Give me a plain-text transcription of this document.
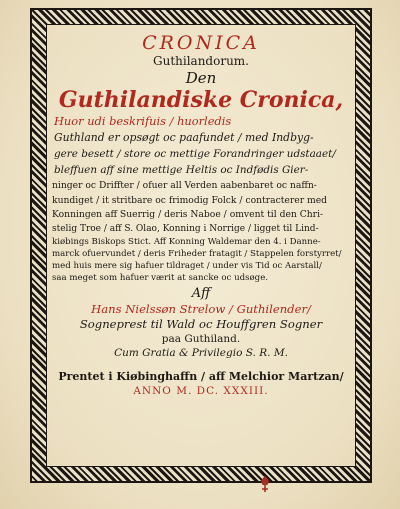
CRONICA

Guthilandorum.

Den

Guthilandiske Cronica,

Huor udi beskrifuis / huorledis

Guthland er opsøgt oc paafundet / med Indbyg-

gere besett / store oc mettige Forandringer udstaaet/

bleffuen aff sine mettige Heltis oc Indfødis Gier-

ninger oc Driffter / ofuer all Verden aabenbaret oc naffn-

kundiget / it stritbare oc frimodig Folck / contracterer med

Konningen aff Suerrig / deris Naboe / omvent til den Chri-

stelig Troe / aff S. Olao, Konning i Norrige / ligget til Lind-

kiøbings Biskops Stict. Aff Konning Waldemar den 4. i Danne-

marck ofuervundet / deris Friheder fratagit / Stappelen forstyrret/

med huis mere sig hafuer tildraget / under vis Tid oc Aarstall/

saa meget som hafuer værit at sancke oc udsøge.

Aff

Hans Nielssøn Strelow / Guthilender/

Sogneprest til Wald oc Houffgren Sogner

paa Guthiland.

Cum Gratia & Privilegio S. R. M.

Prentet i Kiøbinghaffn / aff Melchior Martzan/

ANNO M. DC. XXXIII.
